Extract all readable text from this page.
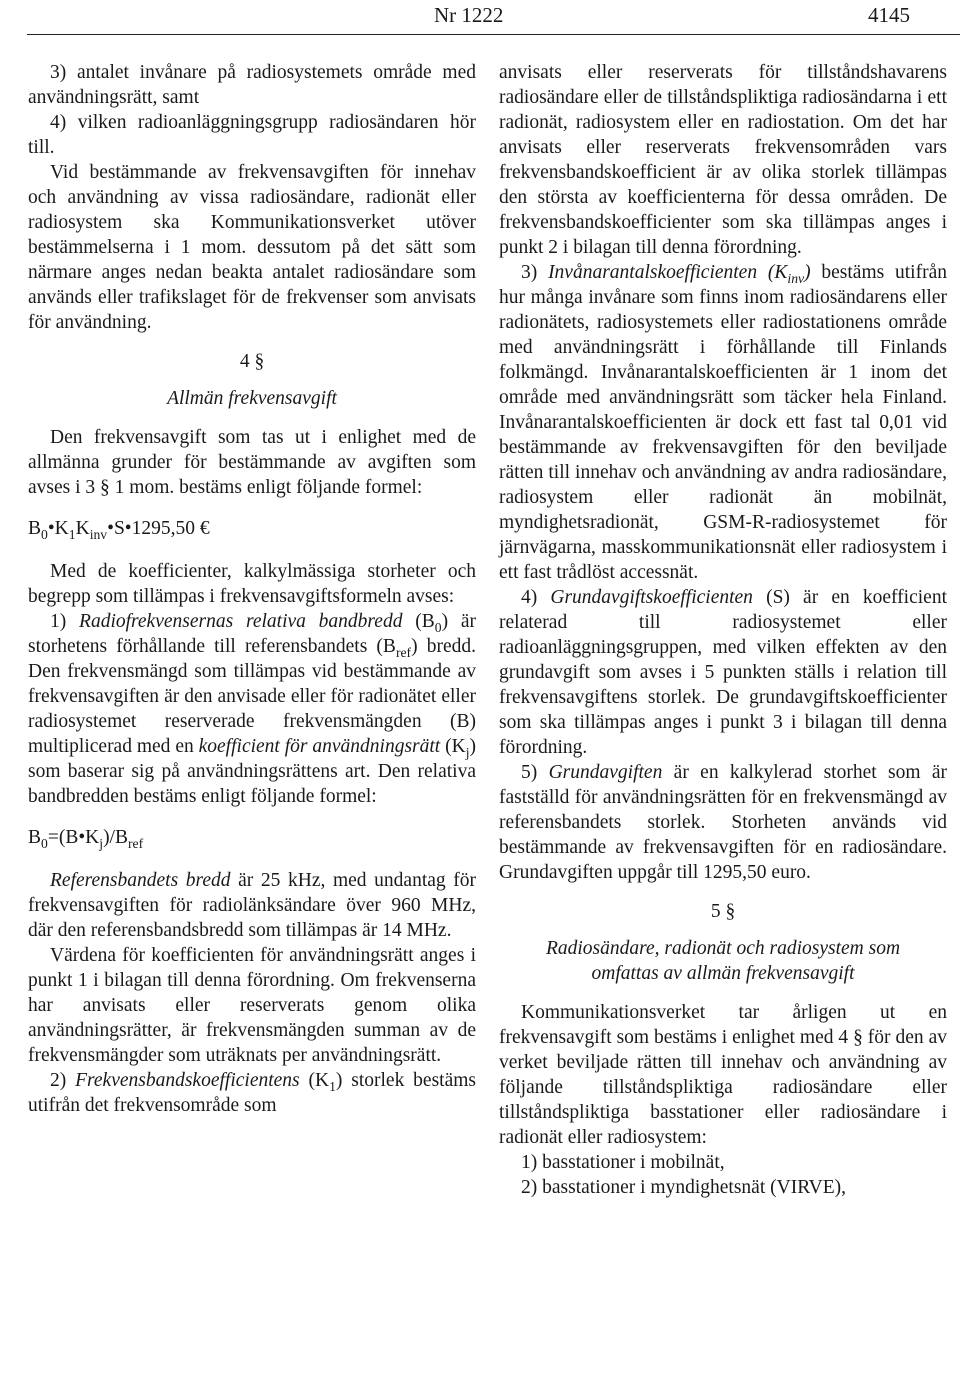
Nr 1222	4145

3) antalet invånare på radiosystemets område med användningsrätt, samt

4) vilken radioanläggningsgrupp radiosändaren hör till.

Vid bestämmande av frekvensavgiften för innehav och användning av vissa radiosändare, radionät eller radiosystem ska Kommunikationsverket utöver bestämmelserna i 1 mom. dessutom på det sätt som närmare anges nedan beakta antalet radiosändare som används eller trafikslaget för de frekvenser som anvisats för användning.

4 §

Allmän frekvensavgift

Den frekvensavgift som tas ut i enlighet med de allmänna grunder för bestämmande av avgiften som avses i 3 § 1 mom. bestäms enligt följande formel:

$B_0•K_1K_{inv}•S•1295,50$ €

Med de koefficienter, kalkylmässiga storheter och begrepp som tillämpas i frekvensavgiftsformeln avses:

1) Radiofrekvensernas relativa bandbredd $(B_0)$ är storhetens förhållande till referensbandets $(B_{ref})$ bredd. Den frekvensmängd som tillämpas vid bestämmande av frekvensavgiften är den anvisade eller för radionätet eller radiosystemet reserverade frekvensmängden (B) multiplicerad med en koefficient för användningsrätt $(K_j)$ som baserar sig på användningsrättens art. Den relativa bandbredden bestäms enligt följande formel:

$B_0=(B•K_j)/B_{ref}$

Referensbandets bredd är 25 kHz, med undantag för frekvensavgiften för radiolänksändare över 960 MHz, där den referensbandsbredd som tillämpas är 14 MHz.

Värdena för koefficienten för användningsrätt anges i punkt 1 i bilagan till denna förordning. Om frekvenserna har anvisats eller reserverats genom olika användningsrätter, är frekvensmängden summan av de frekvensmängder som uträknats per användningsrätt.

2) Frekvensbandskoefficientens $(K_1)$ storlek bestäms utifrån det frekvensområde som

anvisats eller reserverats för tillståndshavarens radiosändare eller de tillståndspliktiga radiosändarna i ett radionät, radiosystem eller en radiostation. Om det har anvisats eller reserverats frekvensområden vars frekvensbandskoefficient är av olika storlek tillämpas den största av koefficienterna för dessa områden. De frekvensbandskoefficienter som ska tillämpas anges i punkt 2 i bilagan till denna förordning.

3) Invånarantalskoefficienten $(K_{inv})$ bestäms utifrån hur många invånare som finns inom radiosändarens eller radionätets, radiosystemets eller radiostationens område med användningsrätt i förhållande till Finlands folkmängd. Invånarantalskoefficienten är 1 inom det område med användningsrätt som täcker hela Finland. Invånarantalskoefficienten är dock ett fast tal 0,01 vid bestämmande av frekvensavgiften för den beviljade rätten till innehav och användning av andra radiosändare, radiosystem eller radionät än mobilnät, myndighetsradionät, GSM-R-radiosystemet för järnvägarna, masskommunikationsnät eller radiosystem i ett fast trådlöst accessnät.

4) Grundavgiftskoefficienten (S) är en koefficient relaterad till radiosystemet eller radioanläggningsgruppen, med vilken effekten av den grundavgift som avses i 5 punkten ställs i relation till frekvensavgiftens storlek. De grundavgiftskoefficienter som ska tillämpas anges i punkt 3 i bilagan till denna förordning.

5) Grundavgiften är en kalkylerad storhet som är fastställd för användningsrätten för en frekvensmängd av referensbandets storlek. Storheten används vid bestämmande av frekvensavgiften för en radiosändare. Grundavgiften uppgår till 1295,50 euro.

5 §

Radiosändare, radionät och radiosystem som omfattas av allmän frekvensavgift

Kommunikationsverket tar årligen ut en frekvensavgift som bestäms i enlighet med 4 § för den av verket beviljade rätten till innehav och användning av följande tillståndspliktiga radiosändare eller tillståndspliktiga basstationer eller radiosändare i radionät eller radiosystem:

1) basstationer i mobilnät,

2) basstationer i myndighetsnät (VIRVE),
